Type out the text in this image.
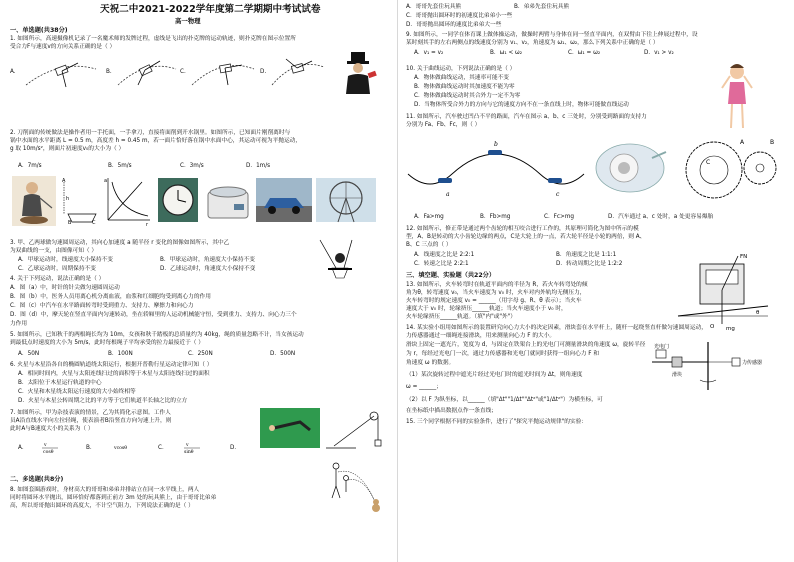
天祝二中2021-2022学年度第二学期期中考试试卷
高一物理
一、单选题(共38分)
1. 如图所示，高速摄像机记录了一名魔术师的发牌过程，虚线是飞出的扑克牌的运动轨迹，则扑克牌在图示位置所
受合力F与速度v的方向关系正确的是（ ）
A.	B.	C.	D.
2. 刀削面的传统做法是操作者用一手托面，一手拿刀，直接将面削到开水锅里。如图所示，已知面片刚削离时与
锅中水面的水平距离 L = 0.5 m，高度差 h = 0.45 m，若一面片恰好落在锅中水面中心，其运动可视为平抛运动，
g 取 10m/s²，则面片初速度v₀的大小为（ ）
A．7m/s	B．5m/s	C．3m/s	D．1m/s
h
A
B	C
a
r
3. 甲、乙两球做匀速圆周运动，其向心加速度 a 随半径 r 变化的图像如图所示，其中乙
为双曲线的一支，由图像可知（ ）
A．甲球运动时，线速度大小保持不变	B．甲球运动时，角速度大小保持不变
C．乙球运动时，周期保持不变	D．乙球运动时，角速度大小保持不变
4. 关于下列运动，说法正确的是（ ）
A．图（a）中，时针的针尖做匀速圆周运动
B．图（b）中，医务人员用离心机分离血液，血浆和红细胞均受到离心力的作用
C．图（c）中汽车在水平路面转弯时受到重力、支持力、摩擦力和向心力
D．图（d）中，摩天轮在竖直平面内匀速转动，坐在轿厢里的人运动机械能守恒，受到重力、支持力、向心力三个
力作用
5. 如图所示，已知秋千的两根绳长均为 10m，女孩和秋千踏板的总质量约为 40kg，绳的质量忽略不计，当女孩运动
到最低点时速度的大小为 5m/s，此时每根绳子平均承受的拉力最接近于（ ）
A．50N	B．100N	C．250N	D．500N
6. 火星与木星沿各自的椭圆轨道绕太阳运行，根据开普勒行星运动定律可知（ ）
A．相同时间内，火星与太阳连线扫过的面积等于木星与太阳连线扫过的面积
B．太阳位于木星运行轨道的中心
C．火星和木星绕太阳运行速度的大小始终相等
D．火星与木星公转周期之比的平方等于它们轨道半长轴之比的立方
7. 如图所示，甲为杂技表演的情景，乙为其简化示意图。工作人
员A沿直线水平向左拉轻绳，使表演者B沿竖直方向匀速上升，则
此时A与B速度大小的关系为（ ）
A．	B．	C．	D．
v
cosθ
vcosθ
v
sinθ
二、多选题(共8分)
8. 如图套圈游戏时，身材高大的哥哥和弟弟并排站立在同一水平线上，两人
同时将圆环水平抛出，圆环恰好都落到正前方 3m 处的玩具熊上，由于哥哥比弟弟
高，所以哥哥抛出圆环的高度大，不计空气阻力，下列说法正确的是（ ）
A．哥哥先套住玩具熊	B．弟弟先套住玩具熊
C．哥哥抛出圆环时的初速度比弟弟小一些
D．哥哥抛出圆环的速度比弟弟大一些
9. 如图所示，一同学在体育课上做体操运动，做操时两臂与身体在同一竖直平面内，在双臂由下往上伸展过程中，设
某时刻其手的左右两侧点的线速度分别为 v₁、v₂，角速度为 ω₁、ω₂，那么下列关系中正确的是（ ）
A．v₁ = v₂	B．ω₁ < ω₂	C．ω₁ = ω₂	D．v₁ > v₂
10. 关于曲线运动，下列说法正确的是（ ）
A．物体做曲线运动，其速率可能不变
B．物体做曲线运动时其加速度不能为零
C．物体做曲线运动时其合外力一定不为零
D．当物体所受合外力的方向与它的速度方向不在一条直线上时，物体可能做直线运动
11. 如图所示，汽车驶过凹凸不平的路面，汽车在图示 a、b、c 三处时，分别受到路面的支持力
分别为 Fa、Fb、Fc，则（ ）
a
b
c
A	B
C
A．Fa>mg	B．Fb>mg	C．Fc>mg	D．汽车通过 a、c 处时，a 处更容易爆胎
12. 如图所示，修正带是通过两个齿轮的相互咬合进行工作的，其原理可简化为图中所示的模
型，A、B是转动的大小齿轮边缘的两点，C是大轮上的一点，若大轮半径是小轮的两倍，则 A、
B、C 三点的（ ）
A．线速度之比是 2:2:1	B．角速度之比是 1:1:1
C．转速之比是 2:2:1	D．转动周期之比是 1:2:2
三、填空题、实验题（共22分）
13. 如图所示，火车转弯时在轨道平面内的半径为 R，若火车转弯处的倾
角为θ，转弯速度 v₀，当火车速度为 v₀ 时，火车对内外轨均无侧压力，
火车转弯时的规定速度 v₀ = ______（用字母 g、R、θ 表示）；当火车
速度大于 v₀ 时，轮缘挤压______轨道；当火车速度小于 v₀ 时，
火车轮缘挤压______轨道。（填"内"或"外"）
FN
mg
θ
O
14. 某实验小组用如图所示的装置研究向心力大小的决定因素，滑块套在水平杆上，随杆一起绕竖直杆做匀速圆周运动，
力传感器通过一细绳连接滑块，用来测量向心力 F 的大小。
滑块上固定一遮光片，宽度为 d，与固定在铁架台上的光电门可测量滑块的角速度 ω，旋转半径
为 r，每经过光电门一次，通过力传感器和光电门就同时获得一组向心力 F 和
角速度 ω 的数据。
（1）某次旋转过程中遮光片经过光电门时的遮光时间为 Δt，则角速度
ω = ______；
（2）以 F 为纵坐标，以______（填"Δt""1/Δt""Δt²"或"1/Δt²"）为横坐标，可
在坐标纸中描出数据点作一条直线；
15. 三个同学根据不同的实验条件，进行了"探究平抛运动规律"的实验：
光电门
力传感器
滑块
